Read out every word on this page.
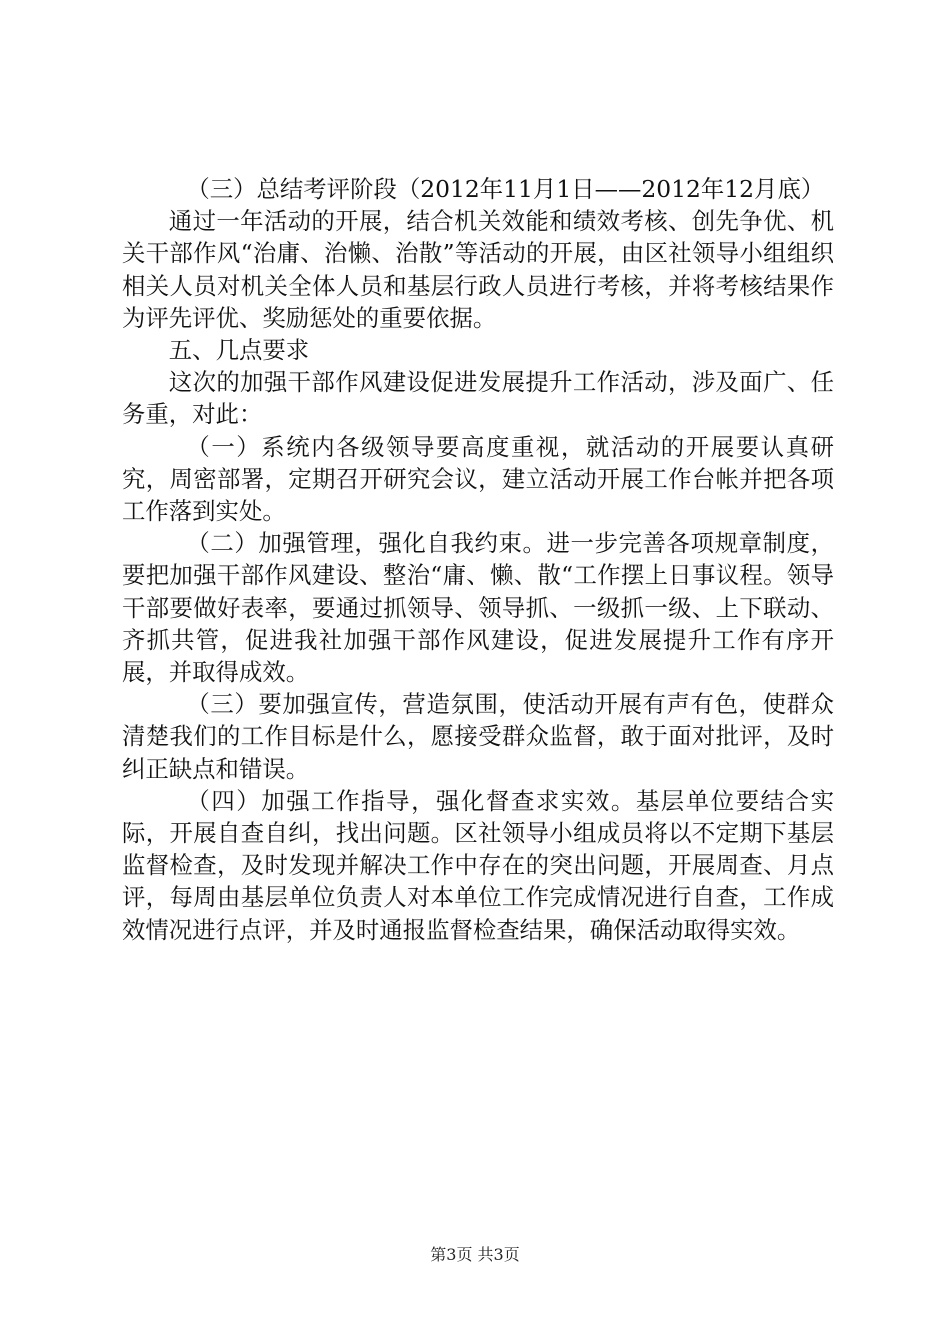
（三）总结考评阶段（2012年11月1日——2012年12月底）

通过一年活动的开展，结合机关效能和绩效考核、创先争优、机关干部作风“治庸、治懒、治散”等活动的开展，由区社领导小组组织相关人员对机关全体人员和基层行政人员进行考核，并将考核结果作为评先评优、奖励惩处的重要依据。

五、几点要求

这次的加强干部作风建设促进发展提升工作活动，涉及面广、任务重，对此：

（一）系统内各级领导要高度重视，就活动的开展要认真研究，周密部署，定期召开研究会议，建立活动开展工作台帐并把各项工作落到实处。

（二）加强管理，强化自我约束。进一步完善各项规章制度，要把加强干部作风建设、整治“庸、懒、散“工作摆上日事议程。领导干部要做好表率，要通过抓领导、领导抓、一级抓一级、上下联动、齐抓共管，促进我社加强干部作风建设，促进发展提升工作有序开展，并取得成效。

（三）要加强宣传，营造氛围，使活动开展有声有色，使群众清楚我们的工作目标是什么，愿接受群众监督，敢于面对批评，及时纠正缺点和错误。

（四）加强工作指导，强化督查求实效。基层单位要结合实际，开展自查自纠，找出问题。区社领导小组成员将以不定期下基层监督检查，及时发现并解决工作中存在的突出问题，开展周查、月点评，每周由基层单位负责人对本单位工作完成情况进行自查，工作成效情况进行点评，并及时通报监督检查结果，确保活动取得实效。

第3页 共3页
